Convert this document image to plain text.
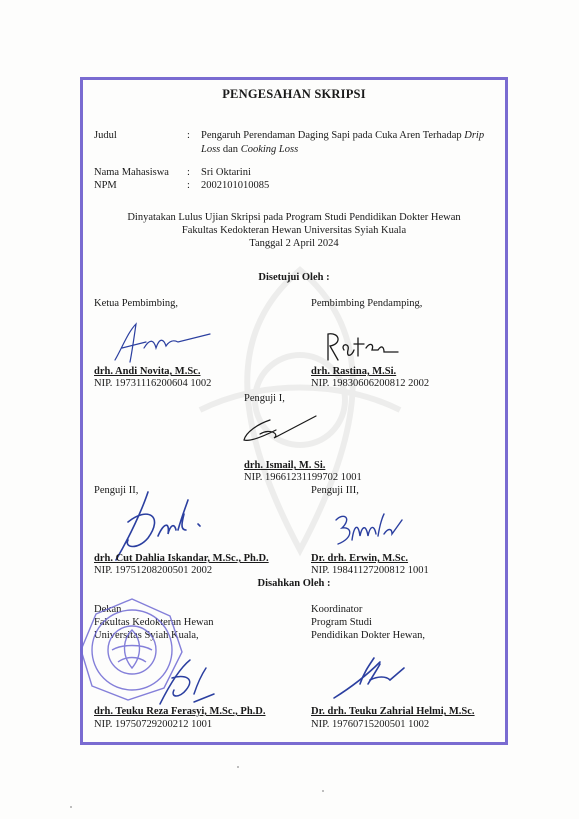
PENGESAHAN SKRIPSI
Judul	: Pengaruh Perendaman Daging Sapi pada Cuka Aren Terhadap Drip
Loss dan Cooking Loss
Nama Mahasiswa : Sri Oktarini
NPM	: 2002101010085
Dinyatakan Lulus Ujian Skripsi pada Program Studi Pendidikan Dokter Hewan
Fakultas Kedokteran Hewan Universitas Syiah Kuala
Tanggal 2 April 2024
Disetujui Oleh :
Ketua Pembimbing,
drh. Andi Novita, M.Sc.
NIP. 19731116200604 1002
Pembimbing Pendamping,
drh. Rastina, M.Si.
NIP. 19830606200812 2002
Penguji I,
drh. Ismail, M. Si.
NIP. 19661231199702 1001
Penguji II,
drh. Cut Dahlia Iskandar, M.Sc., Ph.D.
NIP. 19751208200501 2002
Penguji III,
Dr. drh. Erwin, M.Sc.
NIP. 19841127200812 1001
Disahkan Oleh :
Dekan
Fakultas Kedokteran Hewan
Universitas Syiah Kuala,
drh. Teuku Reza Ferasyi, M.Sc., Ph.D.
NIP. 19750729200212 1001
Koordinator
Program Studi
Pendidikan Dokter Hewan,
Dr. drh. Teuku Zahrial Helmi, M.Sc.
NIP. 19760715200501 1002
